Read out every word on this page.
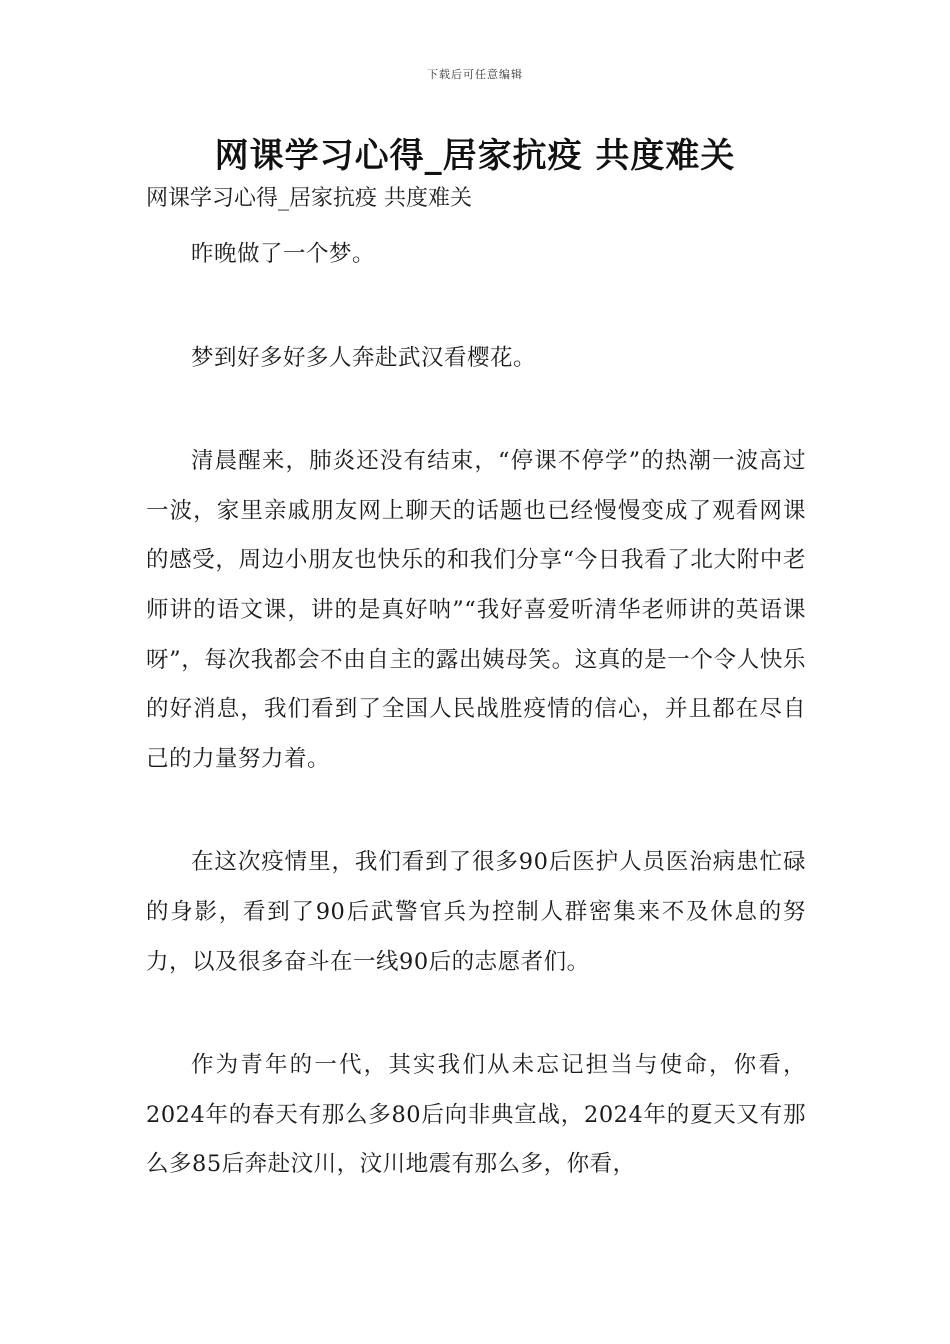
下载后可任意编辑
网课学习心得_居家抗疫 共度难关
网课学习心得_居家抗疫 共度难关

昨晚做了一个梦。

梦到好多好多人奔赴武汉看樱花。

清晨醒来，肺炎还没有结束，“停课不停学”的热潮一波高过一波，家里亲戚朋友网上聊天的话题也已经慢慢变成了观看网课的感受，周边小朋友也快乐的和我们分享“今日我看了北大附中老师讲的语文课，讲的是真好呐”“我好喜爱听清华老师讲的英语课呀”，每次我都会不由自主的露出姨母笑。这真的是一个令人快乐的好消息，我们看到了全国人民战胜疫情的信心，并且都在尽自己的力量努力着。

在这次疫情里，我们看到了很多90后医护人员医治病患忙碌的身影，看到了90后武警官兵为控制人群密集来不及休息的努力，以及很多奋斗在一线90后的志愿者们。

作为青年的一代，其实我们从未忘记担当与使命，你看，2024年的春天有那么多80后向非典宣战，2024年的夏天又有那么多85后奔赴汶川，汶川地震有那么多，你看，
